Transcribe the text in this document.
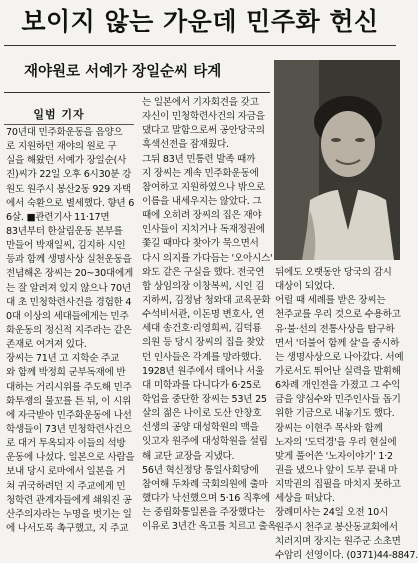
보이지 않는 가운데 민주화 헌신
재야원로 서예가 장일순씨 타계
일범 기자
70년대 민주화운동을 음양으
로 지원하던 재야의 원로 구
실을 해왔던 서예가 장일순(사
진)씨가 22일 오후 6시30분 강
원도 원주시 봉산2동 929 자택
에서 숙환으로 별세했다. 향년 6
6살. ■관련기사 11·17면
83년부터 한살림운동 본부를
만들어 박재일씨, 김지하 시인
등과 함께 생명사상 실천운동을
전념해온 장씨는 20~30대에게
는 잘 알려져 있지 않으나 70년
대 초 민청학련사건을 경험한 4
0대 이상의 세대들에게는 민주
화운동의 정신적 지주라는 같은
존재로 여겨져 있다.
장씨는 71년 고 지학순 주교
와 함께 박정희 군부독재에 반
대하는 거리시위를 주도해 민주
화투쟁의 물꼬를 튼 뒤, 이 시위
에 자극받아 민주화운동에 나선
학생들이 73년 민청학련사건으
로 대거 투옥되자 이들의 석방
운동에 나섰다. 일본으로 사람을
보내 당시 로마에서 일본을 거
쳐 귀국하려던 지 주교에게 민
청학련 관계자들에게 쇄워진 공
산주의자라는 누명을 벗기는 일
에 나서도록 촉구했고, 지 주교
는 일본에서 기자회견을 갖고
자신이 민청학련사건의 자금을
댔다고 말함으로써 공안당국의
흑색선전을 잠재웠다.
그뒤 83년 민통련 발족 때까
지 장씨는 계속 민주화운동에
참여하고 지원하였으나 밖으로
이름을 내세우지는 않았다. 그
때에 오히려 장씨의 집은 재야
인사들이 지치거나 독재정권에
쫓길 때마다 찾아가 묵으면서
다시 의지를 가다듬는 '오아시스'
와도 같은 구실을 했다. 전국연
합 상임의장 이창복씨, 시인 김
지하씨, 김정남 청와대 교육문화
수석비서관, 이돈명 변호사, 연
세대 송건호·리영희씨, 김덕룡
의원 등 당시 장씨의 집을 찾았
던 인사들은 각계를 망라했다.
1928년 원주에서 태어나 서울
대 미학과를 다니다가 6·25로
학업을 중단한 장씨는 53년 25
살의 젊은 나이로 도산 안창호
선생의 공양 대성학원의 맥을
잇고자 원주에 대성학원을 설립
해 교단 교장을 지냈다.
56년 혁신정당 통일사회당에
참여해 두차례 국회의원에 출마
했다가 낙선했으며 5·16 직후에
는 중립화통일론을 주장했다는
이유로 3년간 옥고를 치르고 출옥
뒤에도 오랫동안 당국의 감시
대상이 되었다.
어릴 때 세례를 받은 장씨는
천주교를 우리 것으로 수용하고
유·불·선의 전통사상을 탐구하
면서 '더불어 함께 살'을 중시하
는 생명사상으로 나아갔다. 서예
가로서도 뛰어난 실력을 발휘해
6차례 개인전을 가졌고 그 수익
금을 양심수와 민주인사들 돕기
위한 기금으로 내놓기도 했다.
장씨는 이현주 목사와 함께
노자의 '도덕경'을 우리 현실에
맞게 풀어쓴 '노자이야기' 1·2
권을 냈으나 앞이 도부 끝내 마
지막권의 집필을 마치지 못하고
세상을 떠났다.
장례미사는 24일 오전 10시
원주시 천주교 봉산동교회에서
치러지며 장지는 원주군 소초면
수암리 선영이다. (0371)44-8847.
